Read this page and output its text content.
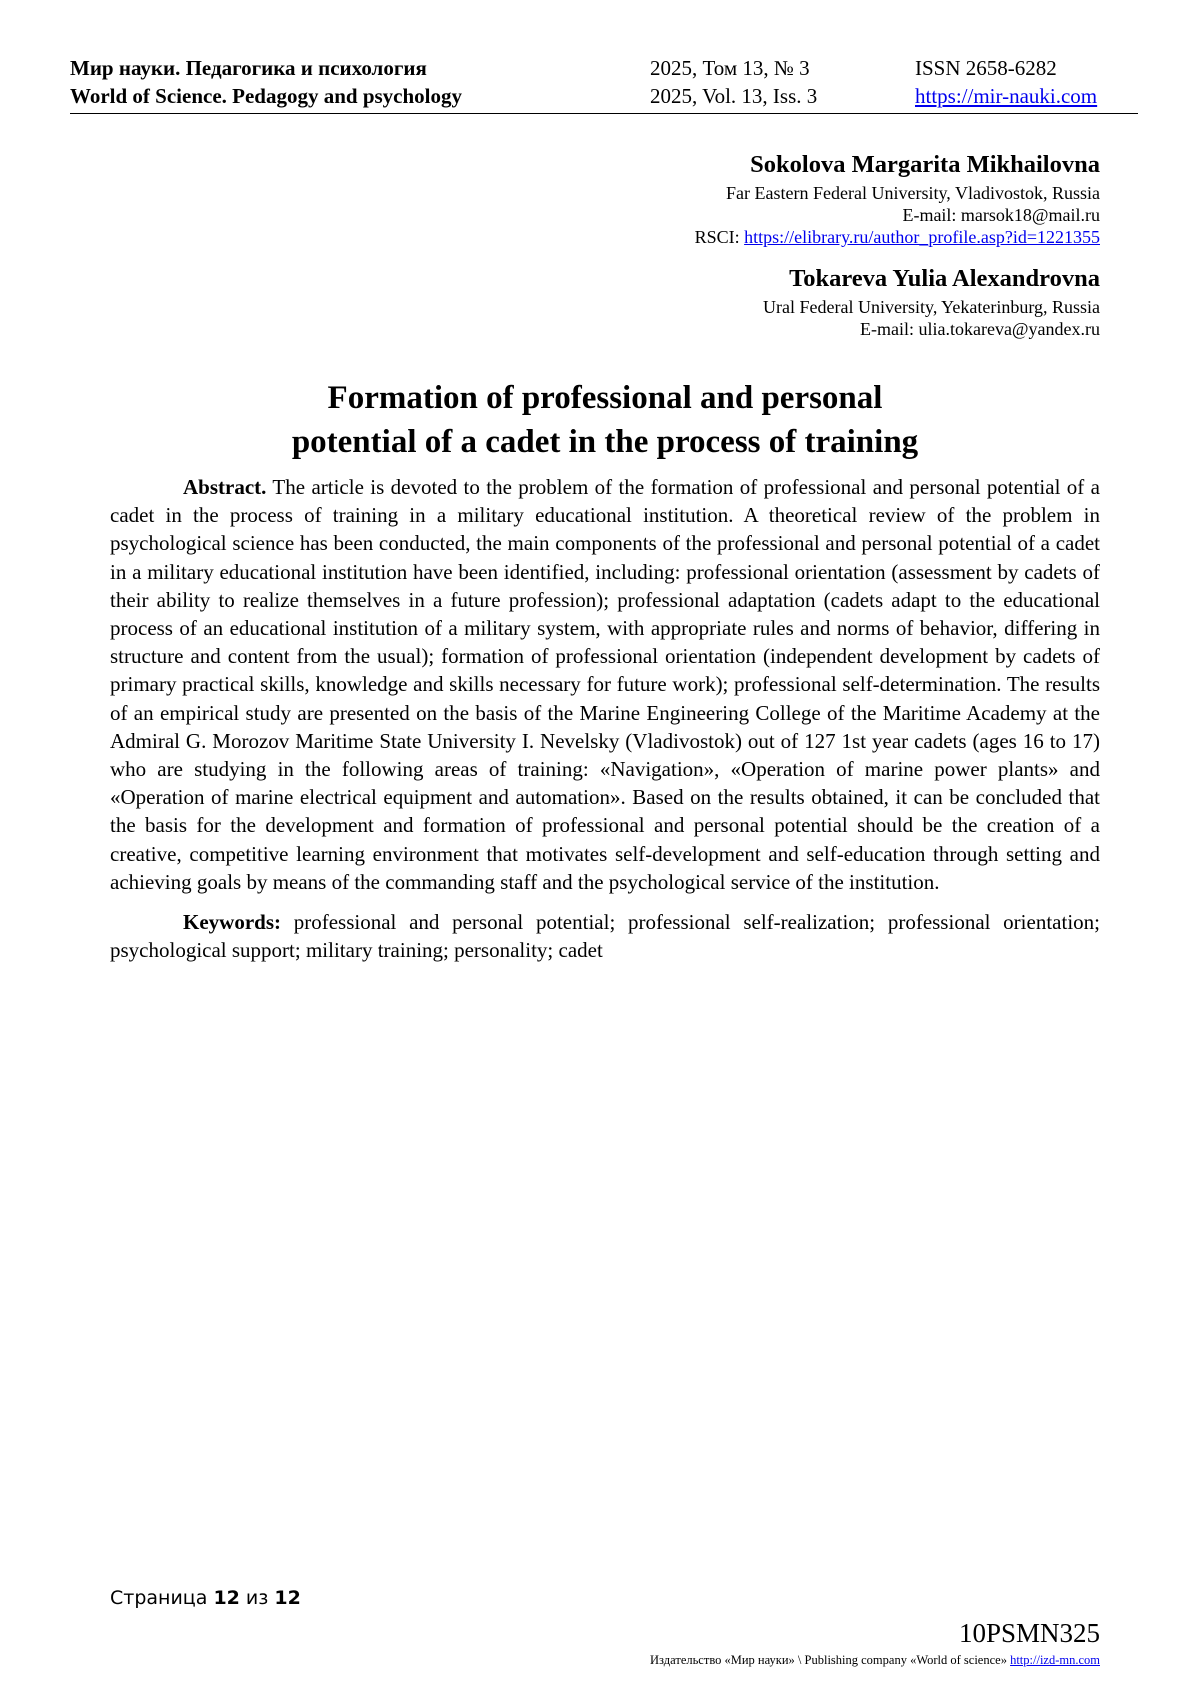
Мир науки. Педагогика и психология	2025, Том 13, № 3	ISSN 2658-6282
World of Science. Pedagogy and psychology	2025, Vol. 13, Iss. 3	https://mir-nauki.com
Sokolova Margarita Mikhailovna
Far Eastern Federal University, Vladivostok, Russia
E-mail: marsok18@mail.ru
RSCI: https://elibrary.ru/author_profile.asp?id=1221355
Tokareva Yulia Alexandrovna
Ural Federal University, Yekaterinburg, Russia
E-mail: ulia.tokareva@yandex.ru
Formation of professional and personal
potential of a cadet in the process of training

Abstract. The article is devoted to the problem of the formation of professional and personal potential of a cadet in the process of training in a military educational institution. A theoretical review of the problem in psychological science has been conducted, the main components of the professional and personal potential of a cadet in a military educational institution have been identified, including: professional orientation (assessment by cadets of their ability to realize themselves in a future profession); professional adaptation (cadets adapt to the educational process of an educational institution of a military system, with appropriate rules and norms of behavior, differing in structure and content from the usual); formation of professional orientation (independent development by cadets of primary practical skills, knowledge and skills necessary for future work); professional self-determination. The results of an empirical study are presented on the basis of the Marine Engineering College of the Maritime Academy at the Admiral G. Morozov Maritime State University I. Nevelsky (Vladivostok) out of 127 1st year cadets (ages 16 to 17) who are studying in the following areas of training: «Navigation», «Operation of marine power plants» and «Operation of marine electrical equipment and automation». Based on the results obtained, it can be concluded that the basis for the development and formation of professional and personal potential should be the creation of a creative, competitive learning environment that motivates self-development and self-education through setting and achieving goals by means of the commanding staff and the psychological service of the institution.

Keywords: professional and personal potential; professional self-realization; professional orientation; psychological support; military training; personality; cadet

Страница 12 из 12
10PSMN325
Издательство «Мир науки» \ Publishing company «World of science» http://izd-mn.com
